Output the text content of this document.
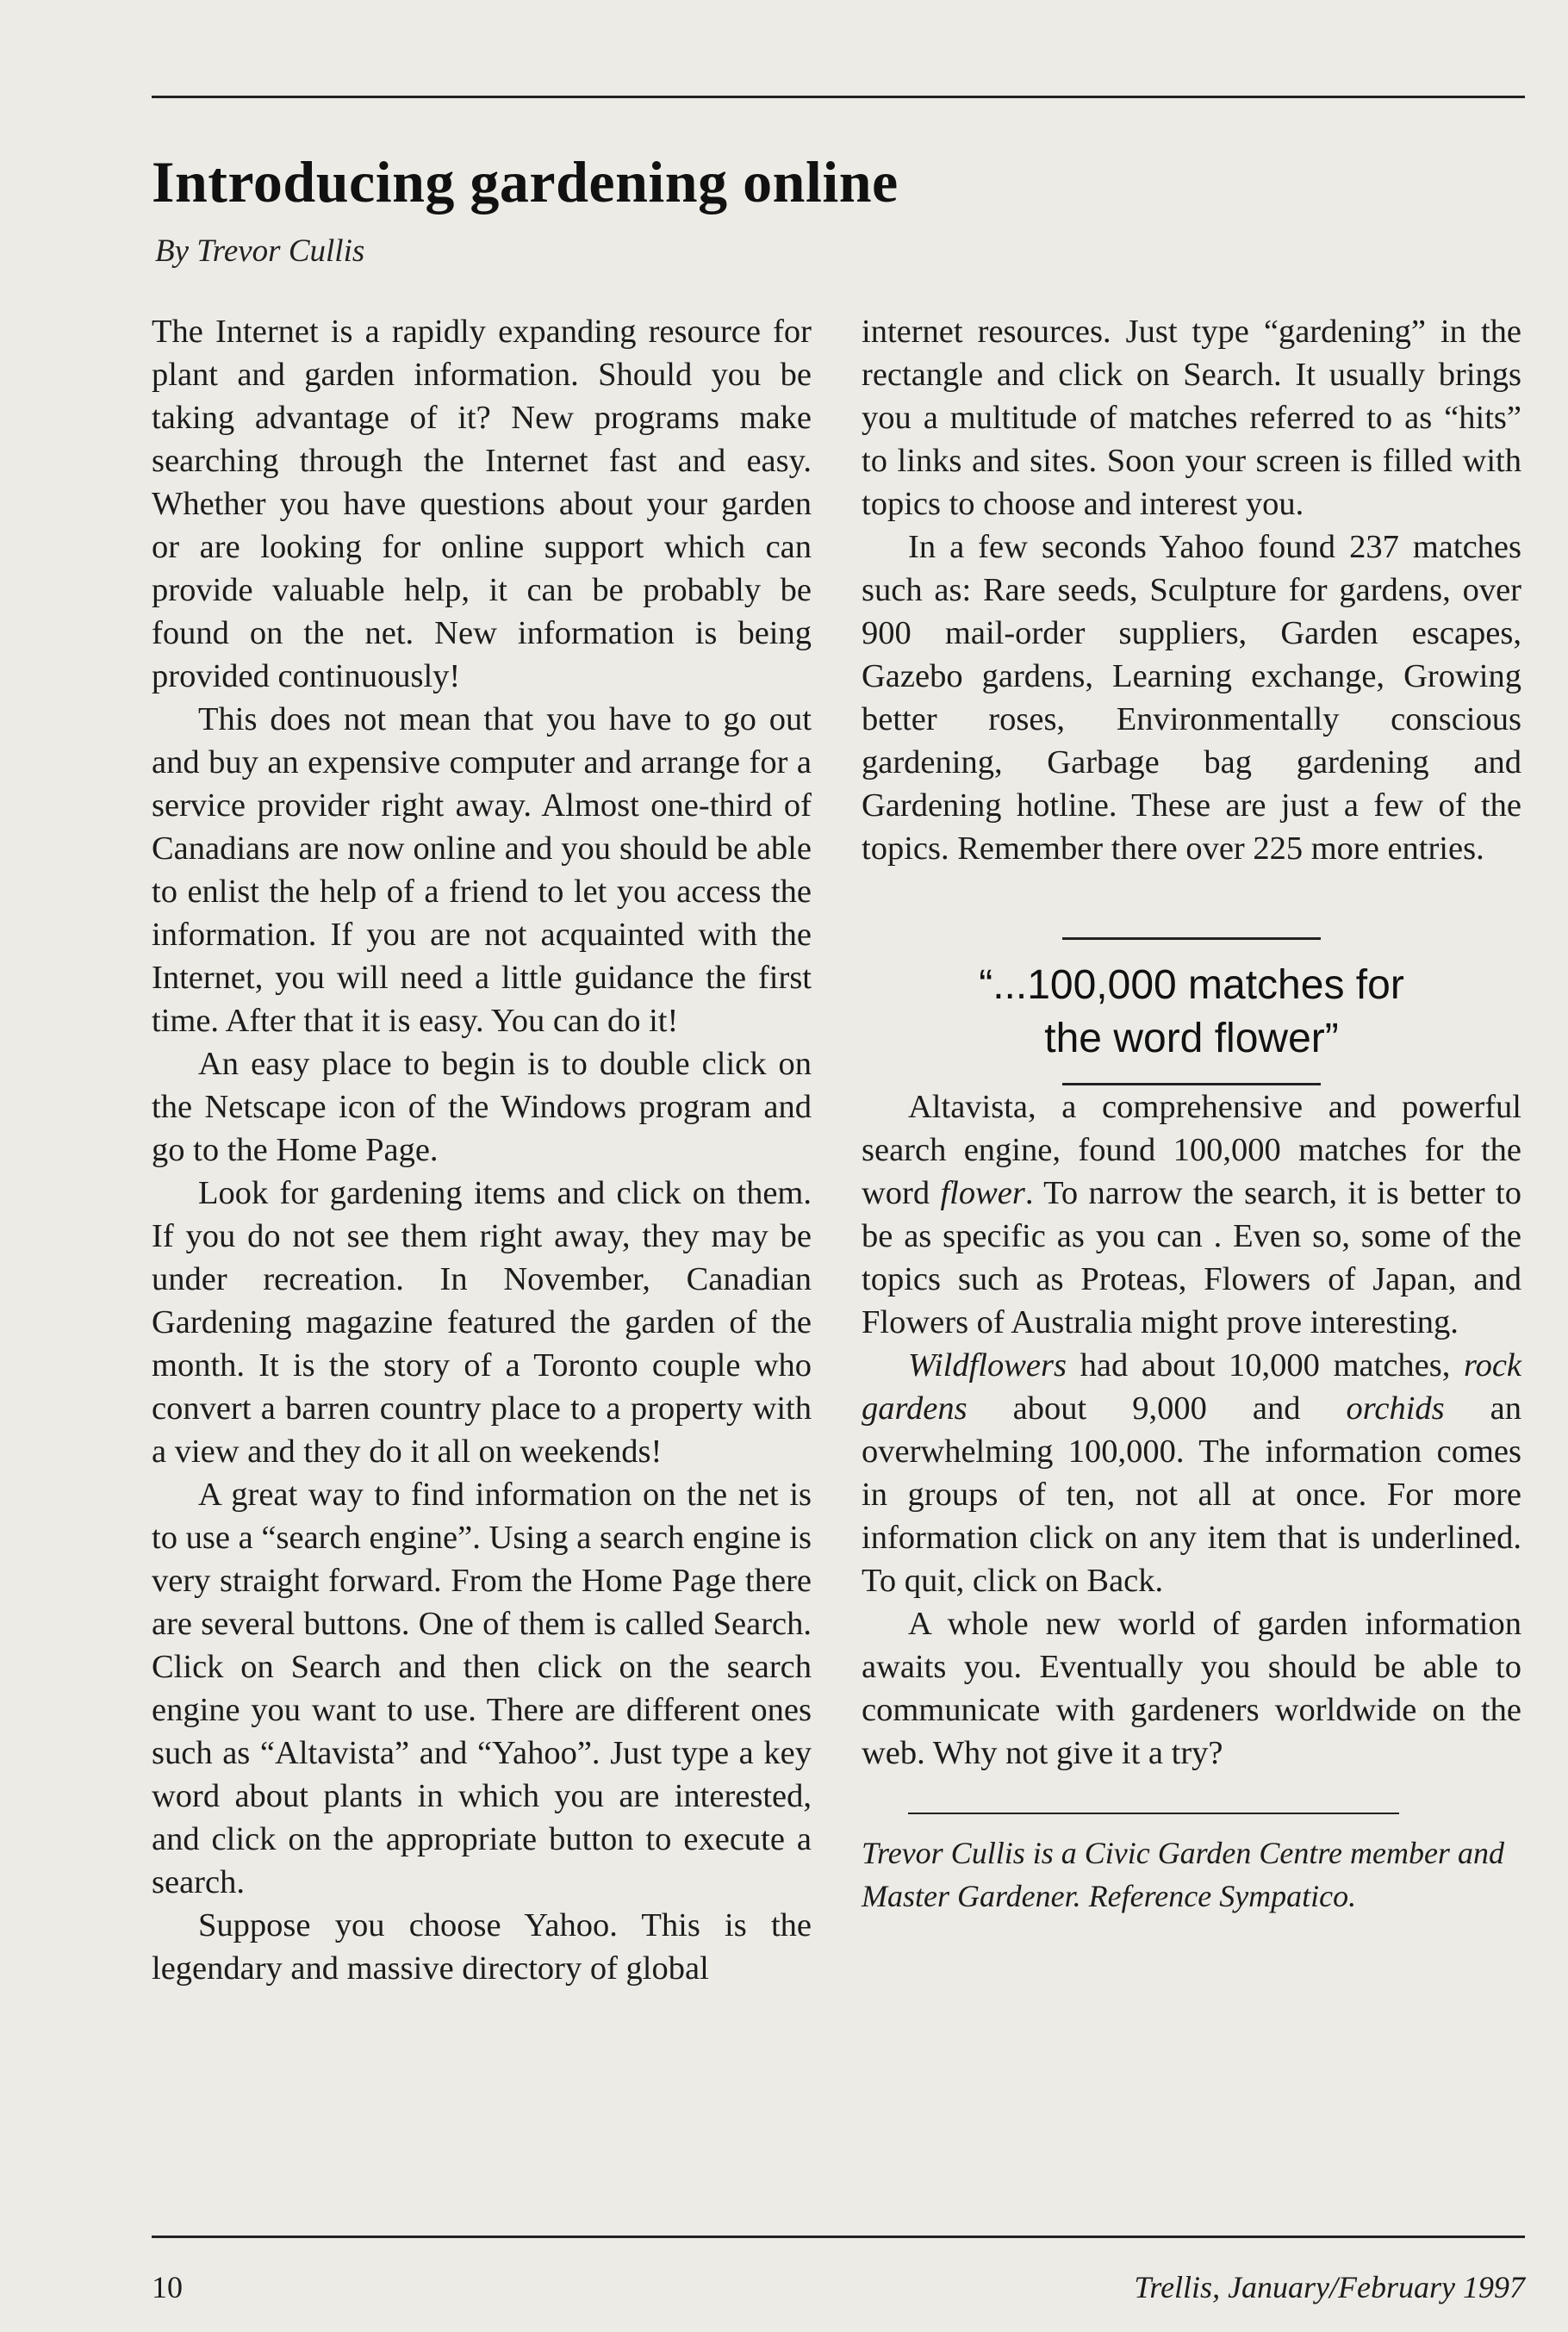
Introducing gardening online
By Trevor Cullis

The Internet is a rapidly expanding resource for plant and garden information. Should you be taking advantage of it? New programs make searching through the Internet fast and easy. Whether you have questions about your garden or are looking for online support which can provide valuable help, it can be probably be found on the net. New information is being provided continuously!

This does not mean that you have to go out and buy an expensive computer and arrange for a service provider right away. Almost one-third of Canadians are now online and you should be able to enlist the help of a friend to let you access the information. If you are not acquainted with the Internet, you will need a little guidance the first time. After that it is easy. You can do it!

An easy place to begin is to double click on the Netscape icon of the Windows program and go to the Home Page.

Look for gardening items and click on them. If you do not see them right away, they may be under recreation. In November, Canadian Gardening magazine featured the garden of the month. It is the story of a Toronto couple who convert a barren country place to a property with a view and they do it all on weekends!

A great way to find information on the net is to use a “search engine”. Using a search engine is very straight forward. From the Home Page there are several buttons. One of them is called Search. Click on Search and then click on the search engine you want to use. There are different ones such as “Altavista” and “Yahoo”. Just type a key word about plants in which you are interested, and click on the appropriate button to execute a search.

Suppose you choose Yahoo. This is the legendary and massive directory of global

internet resources. Just type “gardening” in the rectangle and click on Search. It usually brings you a multitude of matches referred to as “hits” to links and sites. Soon your screen is filled with topics to choose and interest you.

In a few seconds Yahoo found 237 matches such as: Rare seeds, Sculpture for gardens, over 900 mail-order suppliers, Garden escapes, Gazebo gardens, Learning exchange, Growing better roses, Environmentally conscious gardening, Garbage bag gardening and Gardening hotline. These are just a few of the topics. Remember there over 225 more entries.

“...100,000 matches for the word flower”

Altavista, a comprehensive and powerful search engine, found 100,000 matches for the word flower. To narrow the search, it is better to be as specific as you can . Even so, some of the topics such as Proteas, Flowers of Japan, and Flowers of Australia might prove interesting.

Wildflowers had about 10,000 matches, rock gardens about 9,000 and orchids an overwhelming 100,000. The information comes in groups of ten, not all at once. For more information click on any item that is underlined. To quit, click on Back.

A whole new world of garden information awaits you. Eventually you should be able to communicate with gardeners worldwide on the web. Why not give it a try?

Trevor Cullis is a Civic Garden Centre member and Master Gardener. Reference Sympatico.

10	Trellis, January/February 1997
